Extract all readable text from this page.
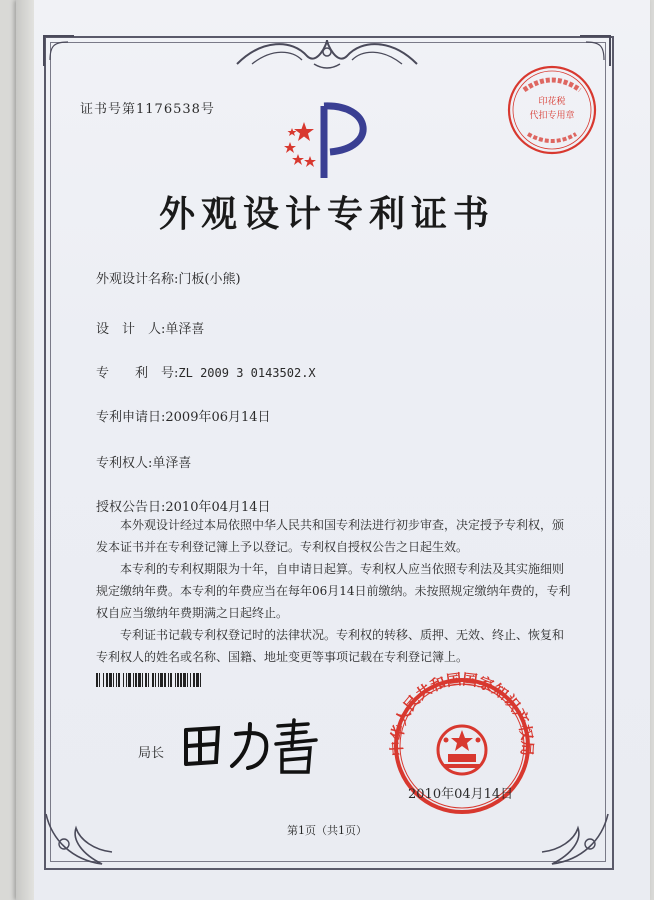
证书号第1176538号	印花税
代扣专用章
外观设计专利证书
外观设计名称:门板(小熊)
设　计　人:单泽喜
专　　利　号:ZL 2009 3 0143502.X
专利申请日:2009年06月14日
专利权人:单泽喜
授权公告日:2010年04月14日

本外观设计经过本局依照中华人民共和国专利法进行初步审查，决定授予专利权，颁发本证书并在专利登记簿上予以登记。专利权自授权公告之日起生效。

本专利的专利权期限为十年，自申请日起算。专利权人应当依照专利法及其实施细则规定缴纳年费。本专利的年费应当在每年06月14日前缴纳。未按照规定缴纳年费的，专利权自应当缴纳年费期满之日起终止。

专利证书记载专利权登记时的法律状况。专利权的转移、质押、无效、终止、恢复和专利权人的姓名或名称、国籍、地址变更等事项记载在专利登记簿上。

局长	中华人民共和国国家知识产权局
2010年04月14日
第1页（共1页）
